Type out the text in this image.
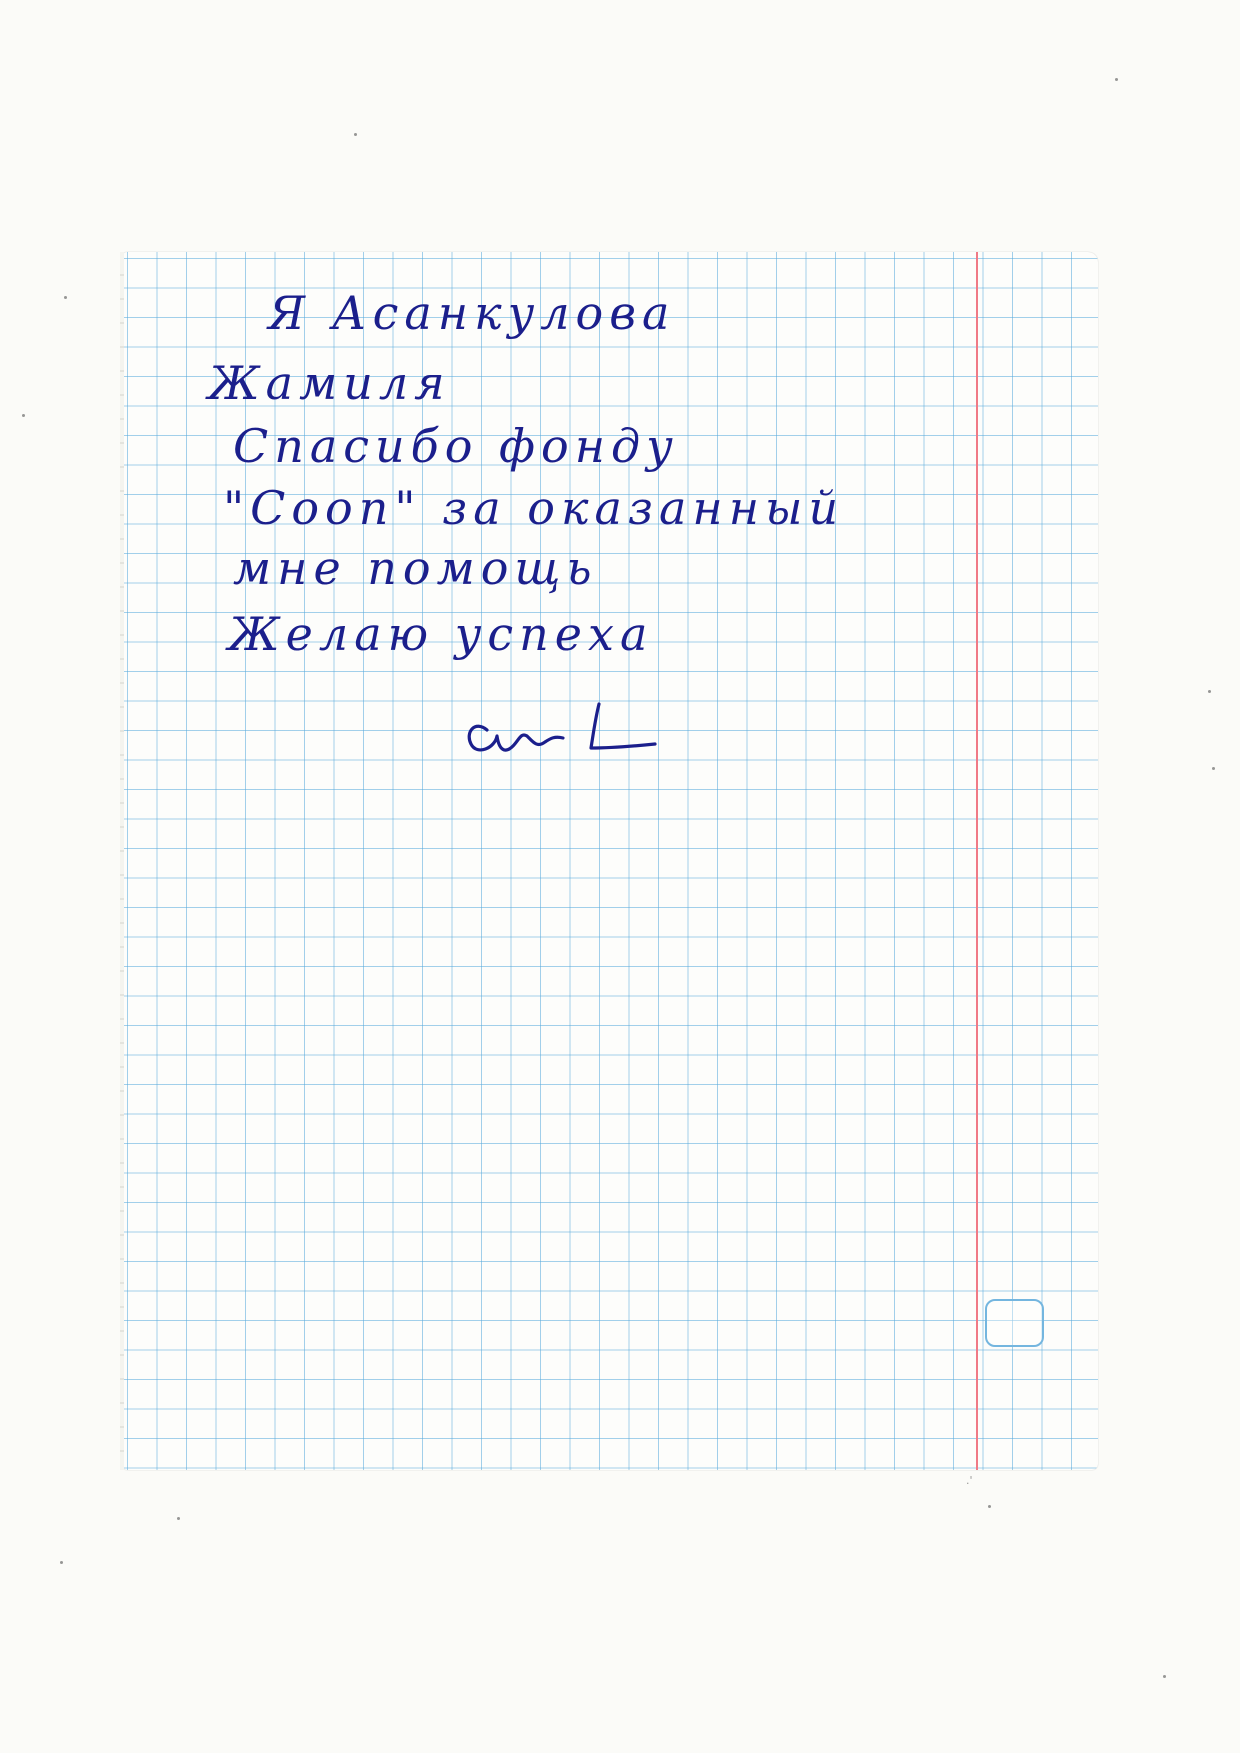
Я Асанкулова
Жамиля
Спасибо фонду
"Сооп" за оказанный
мне помощь
Желаю успеха
.'
